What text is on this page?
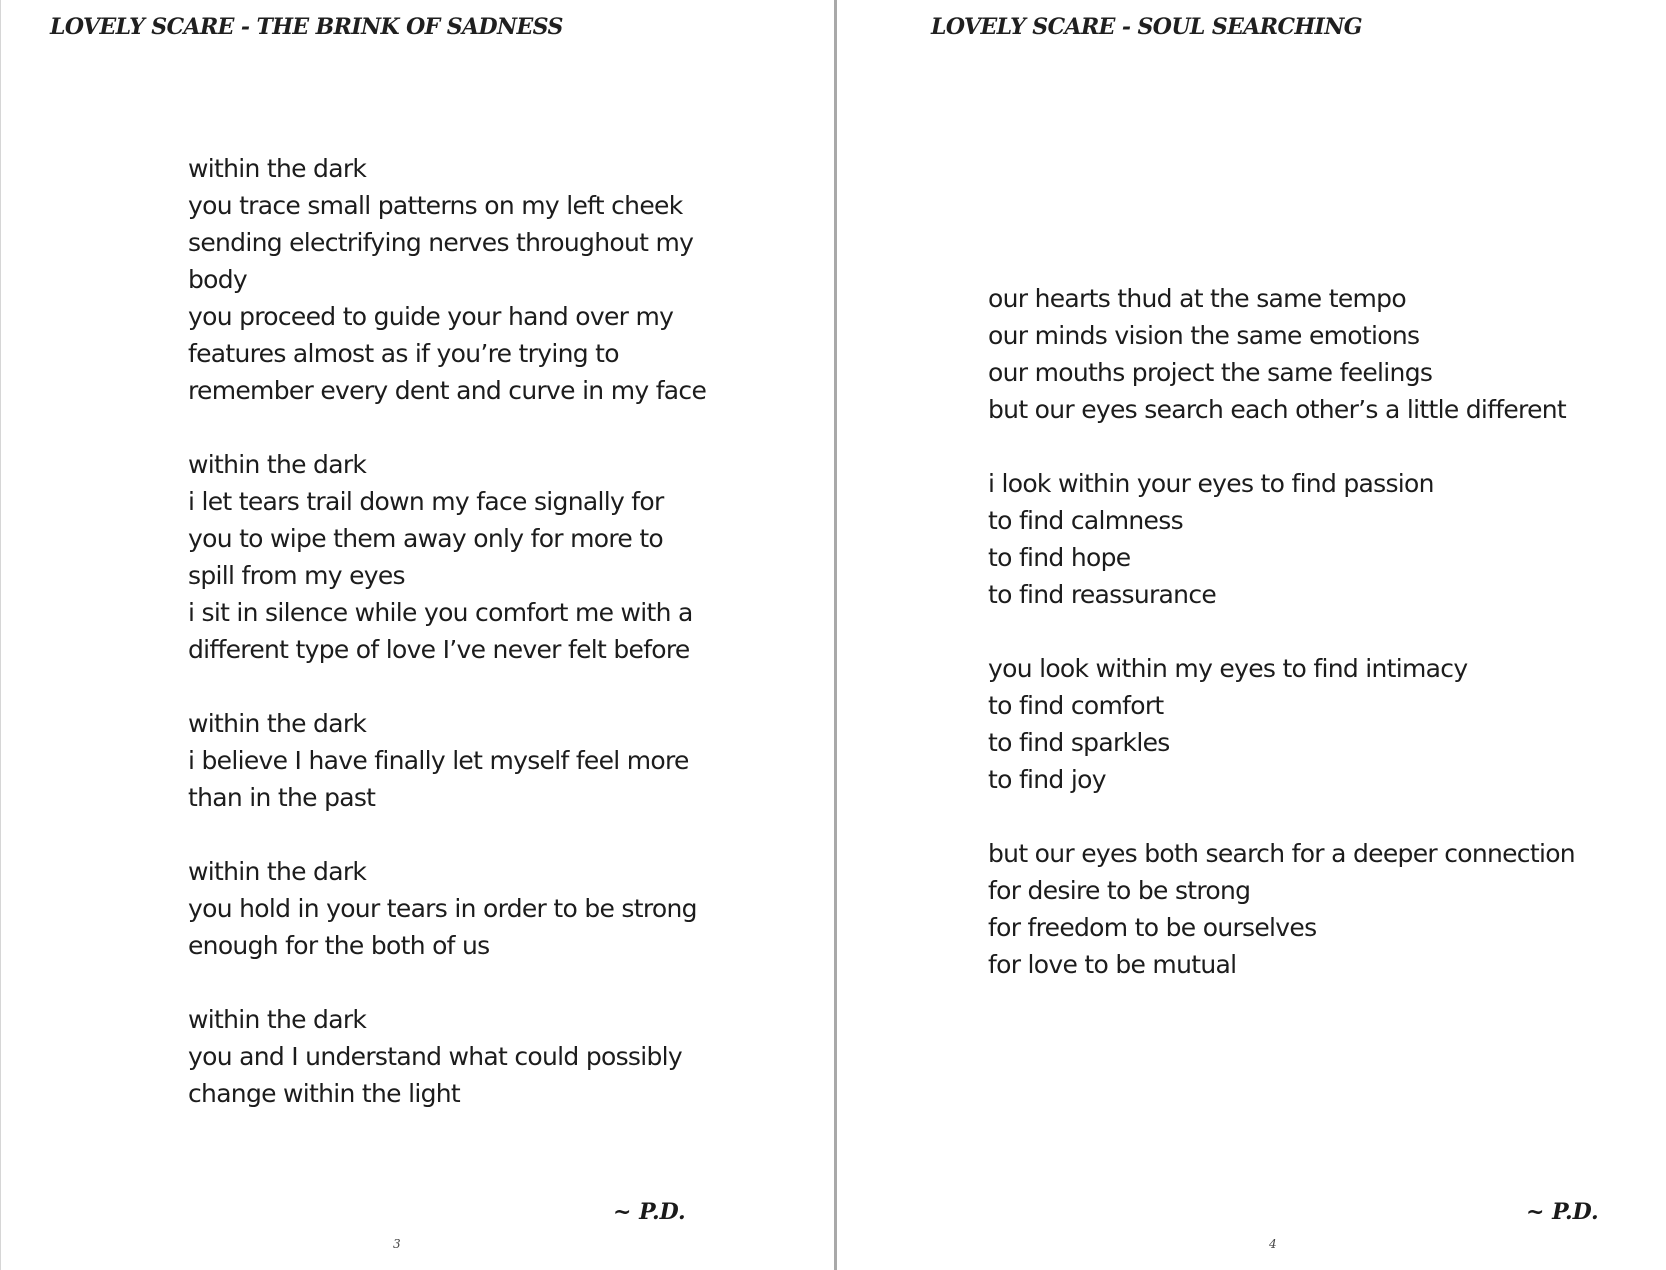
LOVELY SCARE - THE BRINK OF SADNESS

within the dark
you trace small patterns on my left cheek
sending electrifying nerves throughout my
body
you proceed to guide your hand over my
features almost as if you’re trying to
remember every dent and curve in my face

within the dark
i let tears trail down my face signally for
you to wipe them away only for more to
spill from my eyes
i sit in silence while you comfort me with a
different type of love I’ve never felt before

within the dark
i believe I have finally let myself feel more
than in the past

within the dark
you hold in your tears in order to be strong
enough for the both of us

within the dark
you and I understand what could possibly
change within the light

~ P.D.

3
LOVELY SCARE - SOUL SEARCHING

our hearts thud at the same tempo
our minds vision the same emotions
our mouths project the same feelings
but our eyes search each other’s a little different

i look within your eyes to find passion
to find calmness
to find hope
to find reassurance

you look within my eyes to find intimacy
to find comfort
to find sparkles
to find joy

but our eyes both search for a deeper connection
for desire to be strong
for freedom to be ourselves
for love to be mutual

~ P.D.

4
